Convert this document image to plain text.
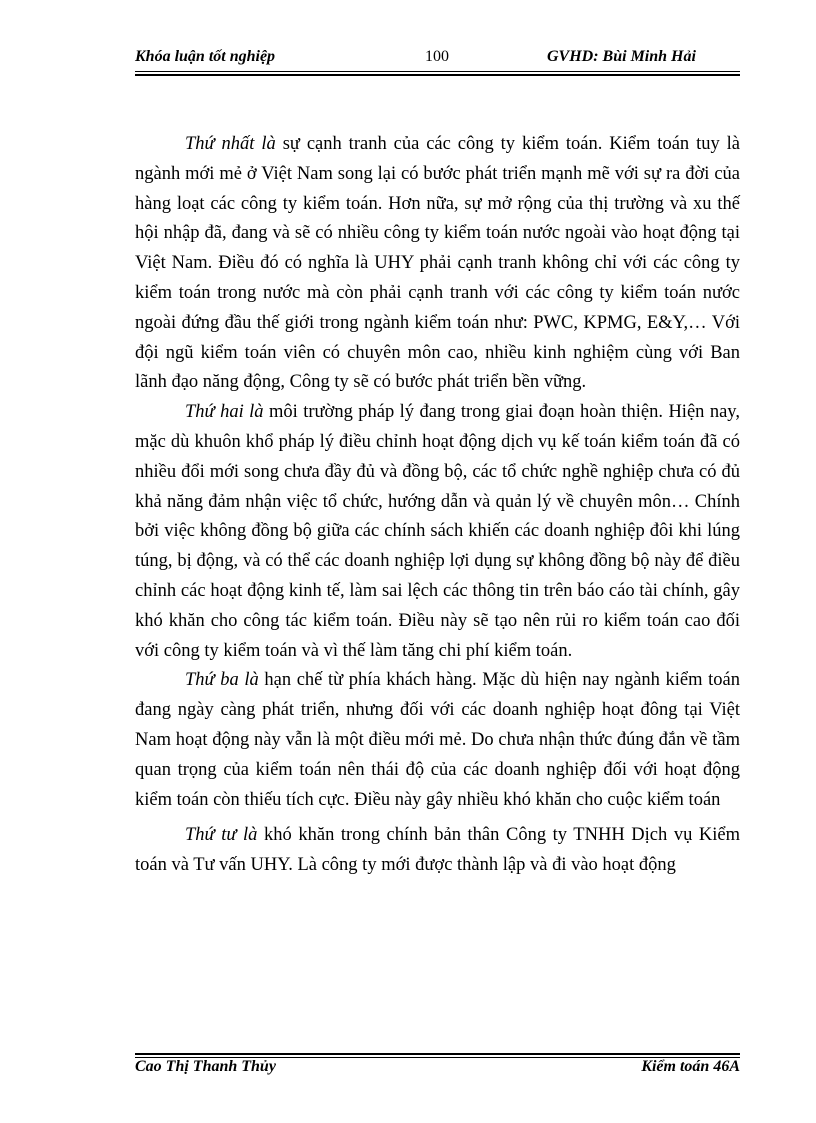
Khóa luận tốt nghiệp	100	GVHD: Bùi Minh Hải

Thứ nhất là sự cạnh tranh của các công ty kiểm toán. Kiểm toán tuy là ngành mới mẻ ở Việt Nam song lại có bước phát triển mạnh mẽ với sự ra đời của hàng loạt các công ty kiểm toán. Hơn nữa, sự mở rộng của thị trường và xu thế hội nhập đã, đang và sẽ có nhiều công ty kiểm toán nước ngoài vào hoạt động tại Việt Nam. Điều đó có nghĩa là UHY phải cạnh tranh không chỉ với các công ty kiểm toán trong nước mà còn phải cạnh tranh với các công ty kiểm toán nước ngoài đứng đầu thế giới trong ngành kiểm toán như: PWC, KPMG, E&Y,… Với đội ngũ kiểm toán viên có chuyên môn cao, nhiều kinh nghiệm cùng với Ban lãnh đạo năng động, Công ty sẽ có bước phát triển bền vững.

Thứ hai là môi trường pháp lý đang trong giai đoạn hoàn thiện. Hiện nay, mặc dù khuôn khổ pháp lý điều chỉnh hoạt động dịch vụ kế toán kiểm toán đã có nhiều đổi mới song chưa đầy đủ và đồng bộ, các tổ chức nghề nghiệp chưa có đủ khả năng đảm nhận việc tổ chức, hướng dẫn và quản lý về chuyên môn… Chính bởi việc không đồng bộ giữa các chính sách khiến các doanh nghiệp đôi khi lúng túng, bị động, và có thể các doanh nghiệp lợi dụng sự không đồng bộ này để điều chỉnh các hoạt động kinh tế, làm sai lệch các thông tin trên báo cáo tài chính, gây khó khăn cho công tác kiểm toán. Điều này sẽ tạo nên rủi ro kiểm toán cao đối với công ty kiểm toán và vì thế làm tăng chi phí kiểm toán.

Thứ ba là hạn chế từ phía khách hàng. Mặc dù hiện nay ngành kiểm toán đang ngày càng phát triển, nhưng đối với các doanh nghiệp hoạt đông tại Việt Nam hoạt động này vẫn là một điều mới mẻ. Do chưa nhận thức đúng đắn về tầm quan trọng của kiểm toán nên thái độ của các doanh nghiệp đối với hoạt động kiểm toán còn thiếu tích cực. Điều này gây nhiều khó khăn cho cuộc kiểm toán

Thứ tư là khó khăn trong chính bản thân Công ty TNHH Dịch vụ Kiểm toán và Tư vấn UHY. Là công ty mới được thành lập và đi vào hoạt động

Cao Thị Thanh Thủy	Kiểm toán 46A
